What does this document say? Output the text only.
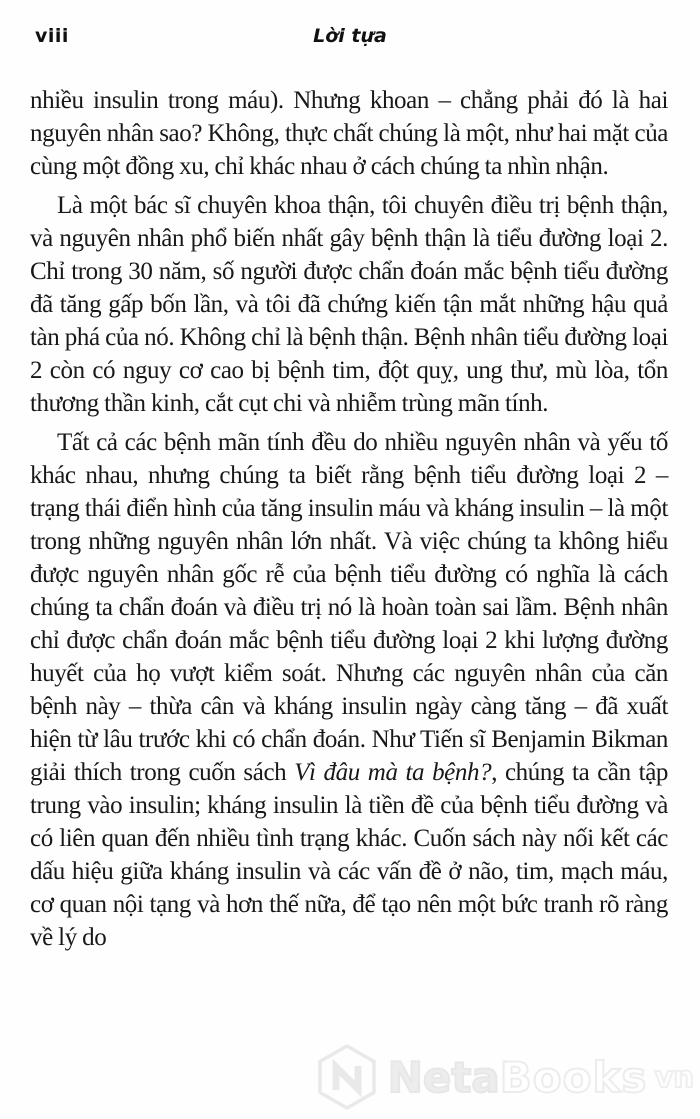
viii	Lời tựa

nhiều insulin trong máu). Nhưng khoan – chẳng phải đó là hai nguyên nhân sao? Không, thực chất chúng là một, như hai mặt của cùng một đồng xu, chỉ khác nhau ở cách chúng ta nhìn nhận.

Là một bác sĩ chuyên khoa thận, tôi chuyên điều trị bệnh thận, và nguyên nhân phổ biến nhất gây bệnh thận là tiểu đường loại 2. Chỉ trong 30 năm, số người được chẩn đoán mắc bệnh tiểu đường đã tăng gấp bốn lần, và tôi đã chứng kiến tận mắt những hậu quả tàn phá của nó. Không chỉ là bệnh thận. Bệnh nhân tiểu đường loại 2 còn có nguy cơ cao bị bệnh tim, đột quỵ, ung thư, mù lòa, tổn thương thần kinh, cắt cụt chi và nhiễm trùng mãn tính.

Tất cả các bệnh mãn tính đều do nhiều nguyên nhân và yếu tố khác nhau, nhưng chúng ta biết rằng bệnh tiểu đường loại 2 – trạng thái điển hình của tăng insulin máu và kháng insulin – là một trong những nguyên nhân lớn nhất. Và việc chúng ta không hiểu được nguyên nhân gốc rễ của bệnh tiểu đường có nghĩa là cách chúng ta chẩn đoán và điều trị nó là hoàn toàn sai lầm. Bệnh nhân chỉ được chẩn đoán mắc bệnh tiểu đường loại 2 khi lượng đường huyết của họ vượt kiểm soát. Nhưng các nguyên nhân của căn bệnh này – thừa cân và kháng insulin ngày càng tăng – đã xuất hiện từ lâu trước khi có chẩn đoán. Như Tiến sĩ Benjamin Bikman giải thích trong cuốn sách Vì đâu mà ta bệnh?, chúng ta cần tập trung vào insulin; kháng insulin là tiền đề của bệnh tiểu đường và có liên quan đến nhiều tình trạng khác. Cuốn sách này nối kết các dấu hiệu giữa kháng insulin và các vấn đề ở não, tim, mạch máu, cơ quan nội tạng và hơn thế nữa, để tạo nên một bức tranh rõ ràng về lý do

Neta Books vn
